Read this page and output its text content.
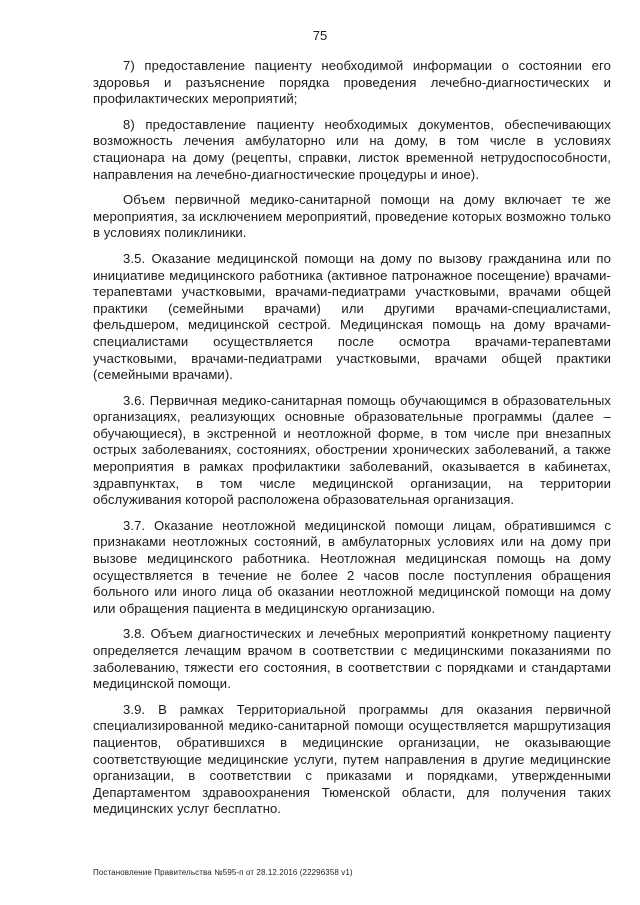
75

7) предоставление пациенту необходимой информации о состоянии его здоровья и разъяснение порядка проведения лечебно-диагностических и профилактических мероприятий;

8) предоставление пациенту необходимых документов, обеспечивающих возможность лечения амбулаторно или на дому, в том числе в условиях стационара на дому (рецепты, справки, листок временной нетрудоспособности, направления на лечебно-диагностические процедуры и иное).

Объем первичной медико-санитарной помощи на дому включает те же мероприятия, за исключением мероприятий, проведение которых возможно только в условиях поликлиники.

3.5. Оказание медицинской помощи на дому по вызову гражданина или по инициативе медицинского работника (активное патронажное посещение) врачами-терапевтами участковыми, врачами-педиатрами участковыми, врачами общей практики (семейными врачами) или другими врачами-специалистами, фельдшером, медицинской сестрой. Медицинская помощь на дому врачами-специалистами осуществляется после осмотра врачами-терапевтами участковыми, врачами-педиатрами участковыми, врачами общей практики (семейными врачами).

3.6. Первичная медико-санитарная помощь обучающимся в образовательных организациях, реализующих основные образовательные программы (далее – обучающиеся), в экстренной и неотложной форме, в том числе при внезапных острых заболеваниях, состояниях, обострении хронических заболеваний, а также мероприятия в рамках профилактики заболеваний, оказывается в кабинетах, здравпунктах, в том числе медицинской организации, на территории обслуживания которой расположена образовательная организация.

3.7. Оказание неотложной медицинской помощи лицам, обратившимся с признаками неотложных состояний, в амбулаторных условиях или на дому при вызове медицинского работника. Неотложная медицинская помощь на дому осуществляется в течение не более 2 часов после поступления обращения больного или иного лица об оказании неотложной медицинской помощи на дому или обращения пациента в медицинскую организацию.

3.8. Объем диагностических и лечебных мероприятий конкретному пациенту определяется лечащим врачом в соответствии с медицинскими показаниями по заболеванию, тяжести его состояния, в соответствии с порядками и стандартами медицинской помощи.

3.9. В рамках Территориальной программы для оказания первичной специализированной медико-санитарной помощи осуществляется маршрутизация пациентов, обратившихся в медицинские организации, не оказывающие соответствующие медицинские услуги, путем направления в другие медицинские организации, в соответствии с приказами и порядками, утвержденными Департаментом здравоохранения Тюменской области, для получения таких медицинских услуг бесплатно.

Постановление Правительства №595-п от 28.12.2016 (22296358 v1)
